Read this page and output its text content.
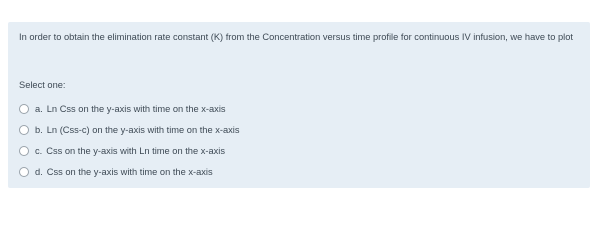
In order to obtain the elimination rate constant (K) from the Concentration versus time profile for continuous IV infusion, we have to plot
Select one:
a. Ln Css on the y-axis with time on the x-axis
b. Ln (Css-c) on the y-axis with time on the x-axis
c. Css on the y-axis with Ln time on the x-axis
d. Css on the y-axis with time on the x-axis
